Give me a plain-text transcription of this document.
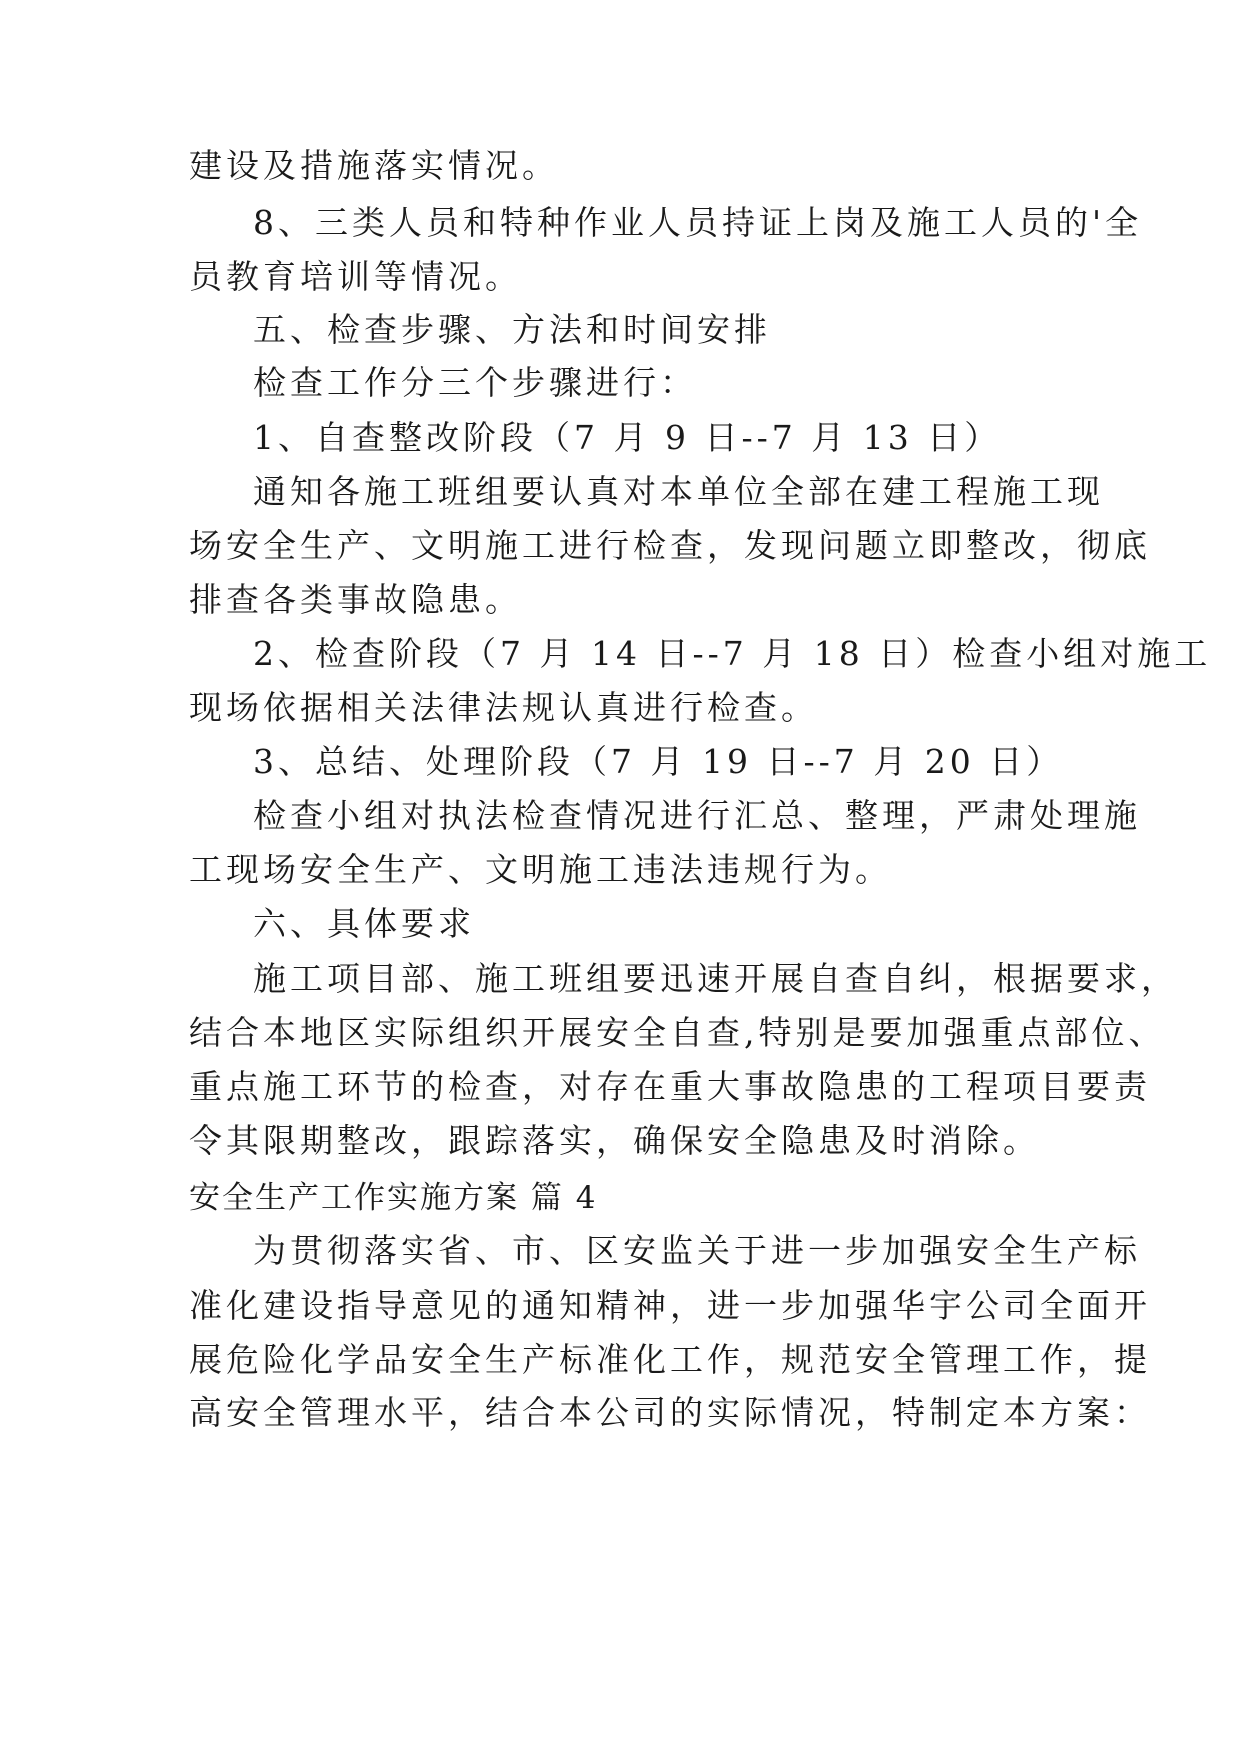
建设及措施落实情况。
8、三类人员和特种作业人员持证上岗及施工人员的'全
员教育培训等情况。
五、检查步骤、方法和时间安排
检查工作分三个步骤进行：
1、自查整改阶段（7 月 9 日--7 月 13 日）
通知各施工班组要认真对本单位全部在建工程施工现
场安全生产、文明施工进行检查，发现问题立即整改，彻底
排查各类事故隐患。
2、检查阶段（7 月 14 日--7 月 18 日）检查小组对施工
现场依据相关法律法规认真进行检查。
3、总结、处理阶段（7 月 19 日--7 月 20 日）
检查小组对执法检查情况进行汇总、整理，严肃处理施
工现场安全生产、文明施工违法违规行为。
六、具体要求
施工项目部、施工班组要迅速开展自查自纠，根据要求，
结合本地区实际组织开展安全自查,特别是要加强重点部位、
重点施工环节的检查，对存在重大事故隐患的工程项目要责
令其限期整改，跟踪落实，确保安全隐患及时消除。
安全生产工作实施方案 篇 4
为贯彻落实省、市、区安监关于进一步加强安全生产标
准化建设指导意见的通知精神，进一步加强华宇公司全面开
展危险化学品安全生产标准化工作，规范安全管理工作，提
高安全管理水平，结合本公司的实际情况，特制定本方案：
